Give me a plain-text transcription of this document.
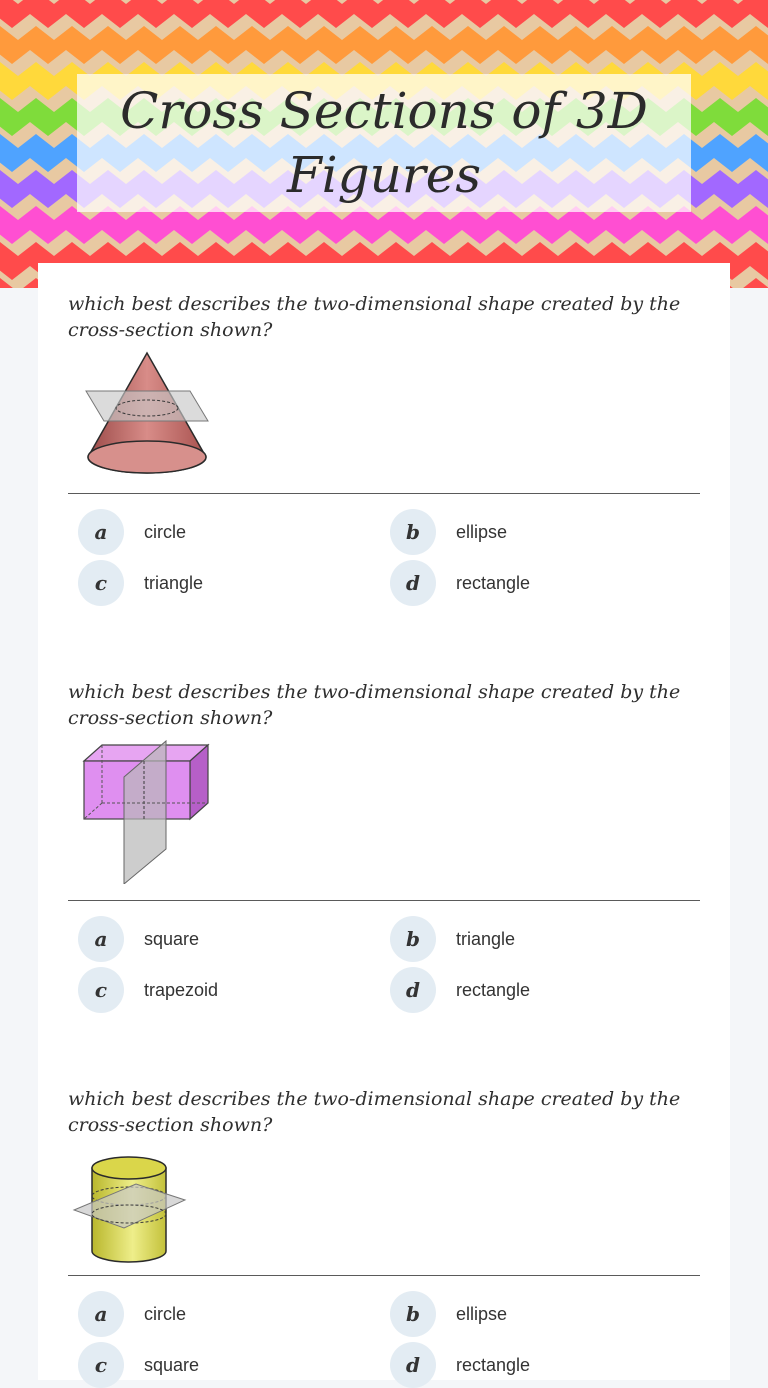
Cross Sections of 3D Figures

which best describes the two-dimensional shape created by the cross-section shown?

a	circle	b	ellipse
c	triangle	d	rectangle

which best describes the two-dimensional shape created by the cross-section shown?

a	square	b	triangle
c	trapezoid	d	rectangle

which best describes the two-dimensional shape created by the cross-section shown?

a	circle	b	ellipse
c	square	d	rectangle
